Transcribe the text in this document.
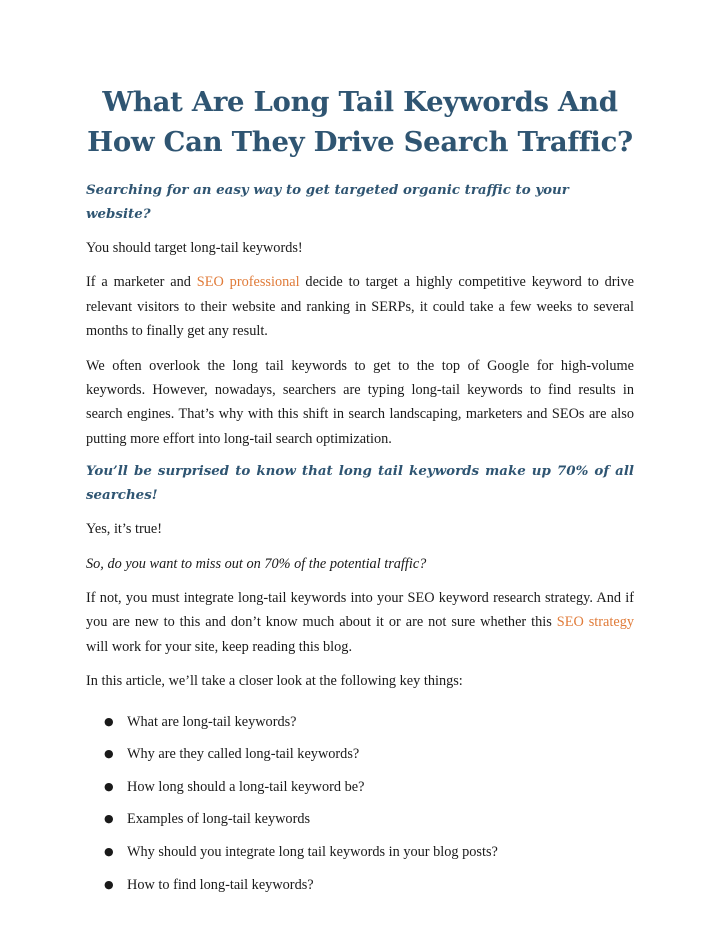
What Are Long Tail Keywords And
How Can They Drive Search Traffic?

Searching for an easy way to get targeted organic traffic to your website?

You should target long-tail keywords!

If a marketer and SEO professional decide to target a highly competitive keyword to drive relevant visitors to their website and ranking in SERPs, it could take a few weeks to several months to finally get any result.

We often overlook the long tail keywords to get to the top of Google for high-volume keywords. However, nowadays, searchers are typing long-tail keywords to find results in search engines. That’s why with this shift in search landscaping, marketers and SEOs are also putting more effort into long-tail search optimization.

You’ll be surprised to know that long tail keywords make up 70% of all searches!

Yes, it’s true!

So, do you want to miss out on 70% of the potential traffic?

If not, you must integrate long-tail keywords into your SEO keyword research strategy. And if you are new to this and don’t know much about it or are not sure whether this SEO strategy will work for your site, keep reading this blog.

In this article, we’ll take a closer look at the following key things:

● What are long-tail keywords?
● Why are they called long-tail keywords?
● How long should a long-tail keyword be?
● Examples of long-tail keywords
● Why should you integrate long tail keywords in your blog posts?
● How to find long-tail keywords?
